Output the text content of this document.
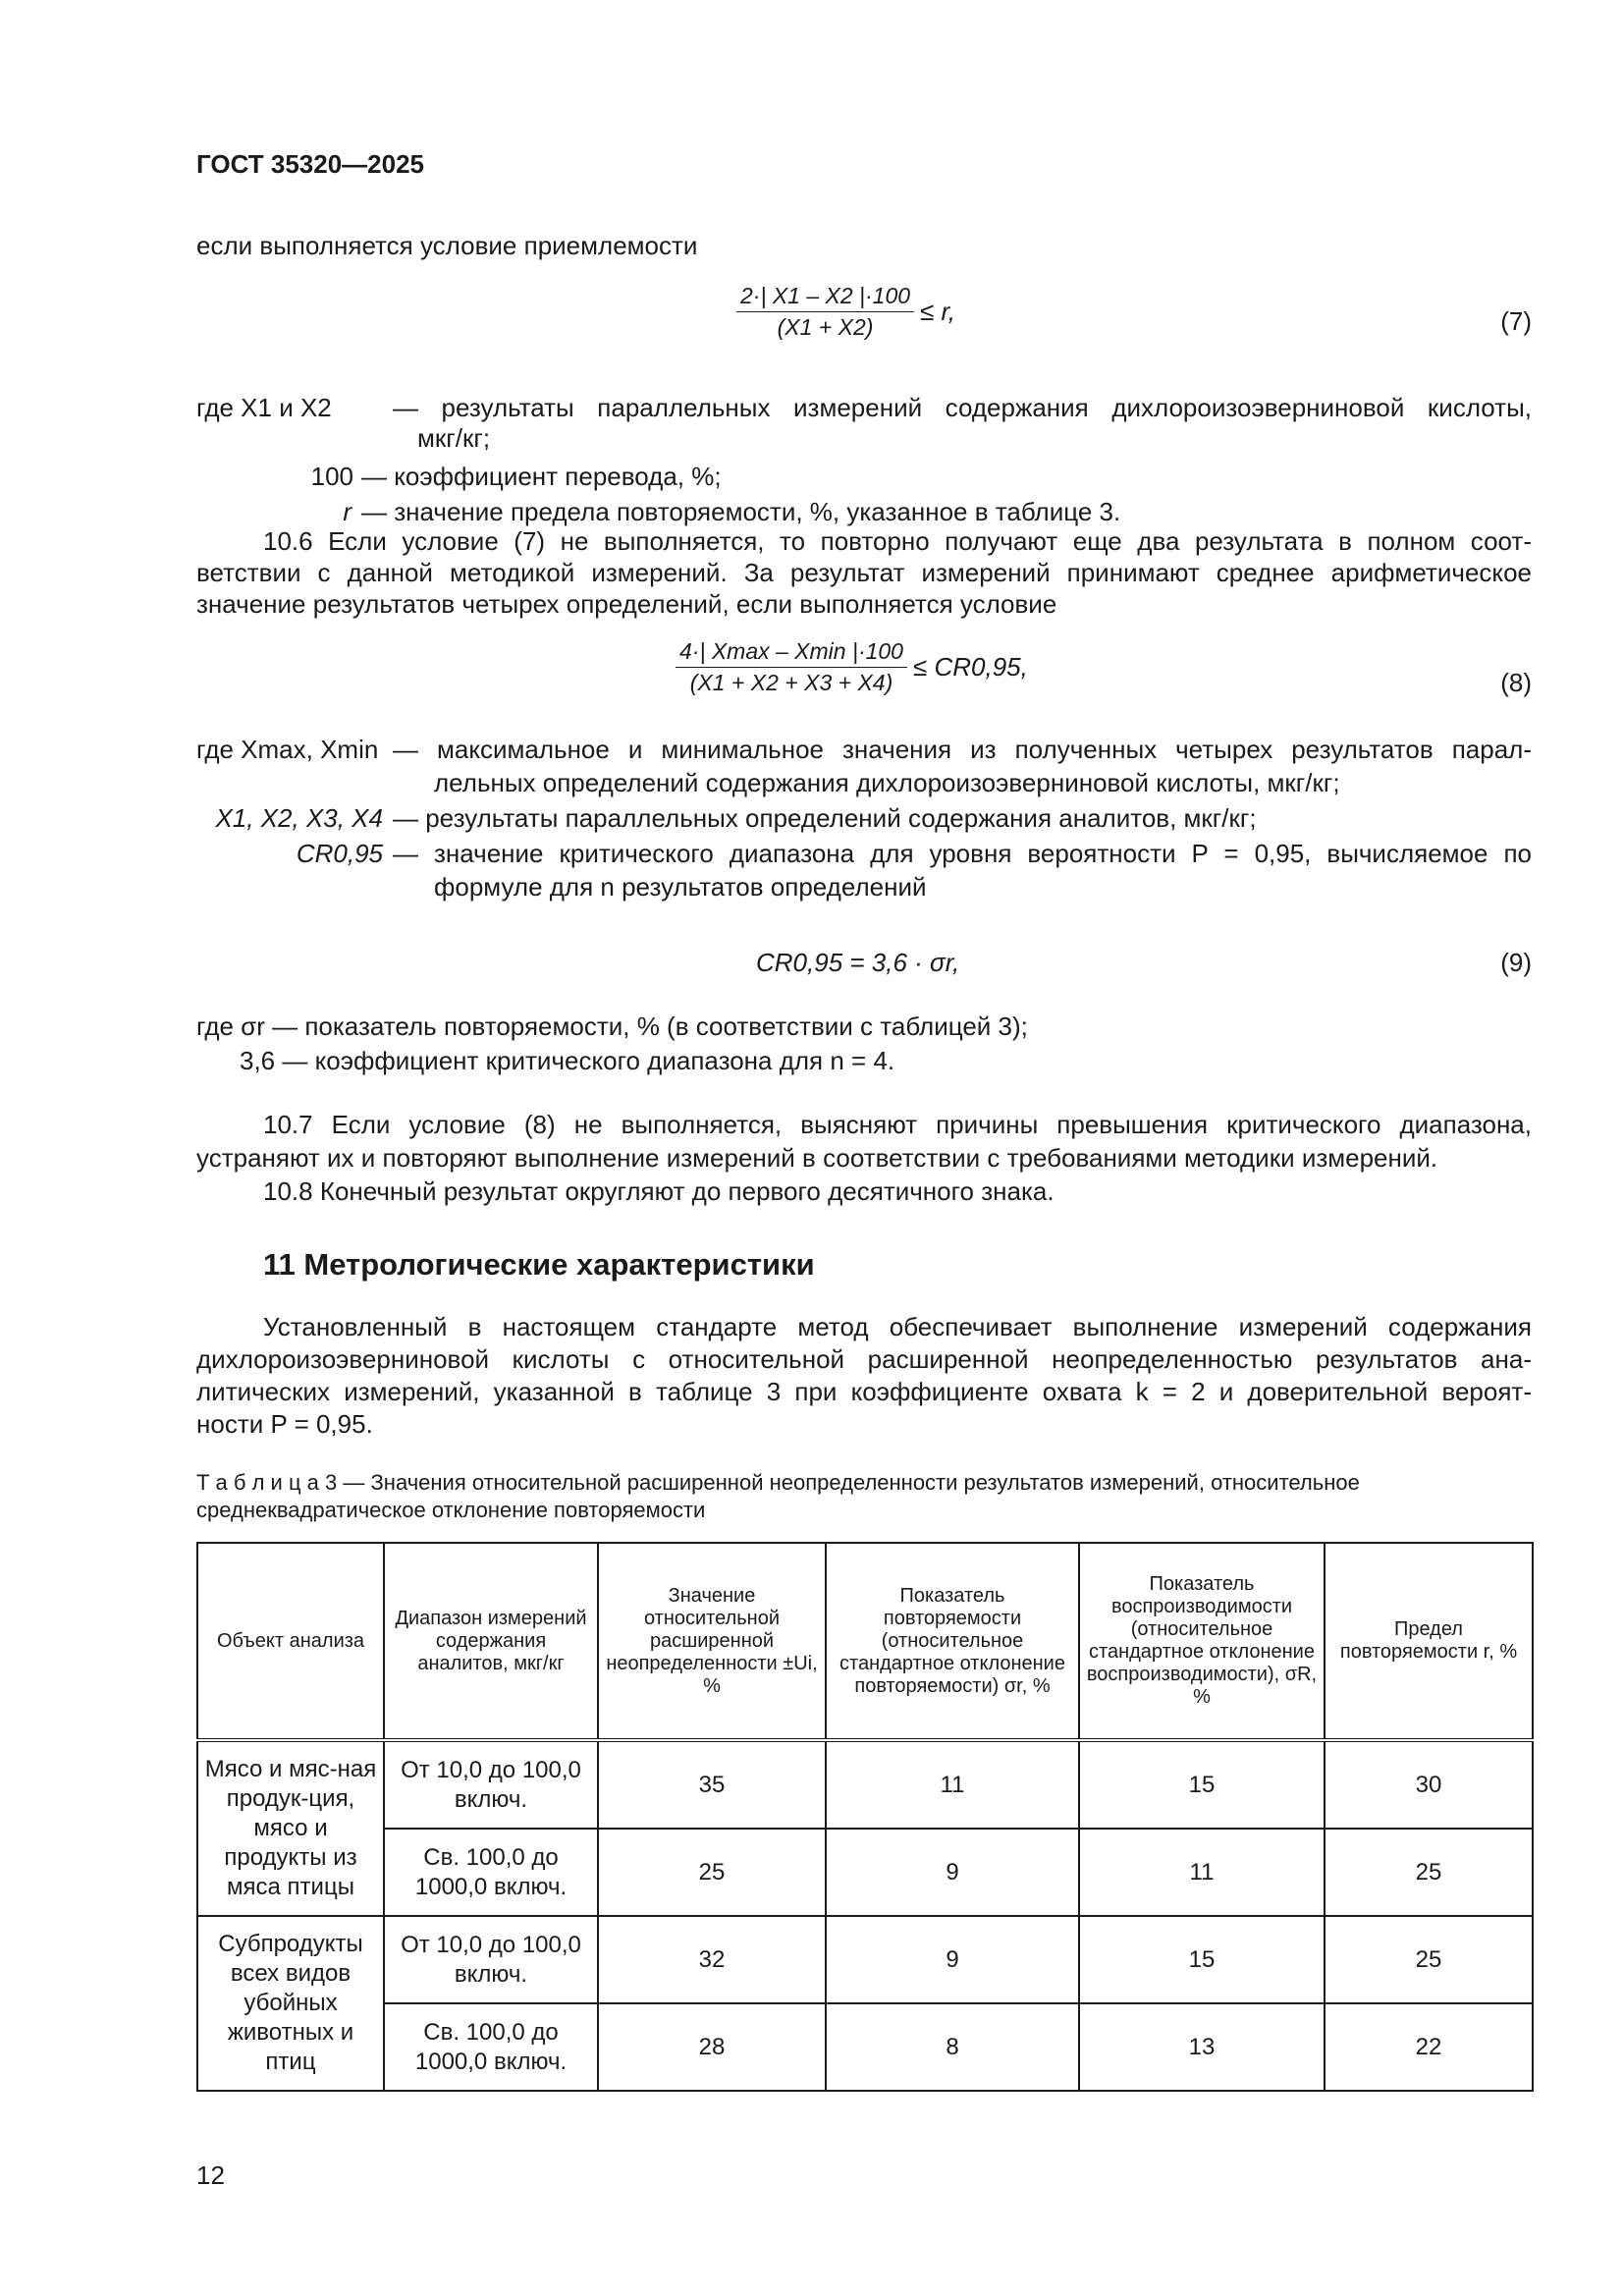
ГОСТ 35320—2025
если выполняется условие приемлемости
$\frac{2\cdot| X1 - X2 |\cdot 100}{(X1 + X2)} \le r$,	(7)
где X1 и X2 — результаты параллельных измерений содержания дихлороизоэверниновой кислоты,
мкг/кг;
100 — коэффициент перевода, %;
r — значение предела повторяемости, %, указанное в таблице 3.
10.6 Если условие (7) не выполняется, то повторно получают еще два результата в полном соот-
ветствии с данной методикой измерений. За результат измерений принимают среднее арифметическое
значение результатов четырех определений, если выполняется условие
$\frac{4\cdot| Xmax - Xmin |\cdot 100}{(X1 + X2 + X3 + X4)} \le CR0,95$,
(8)
где Xmax, Xmin — максимальное и минимальное значения из полученных четырех результатов парал-
лельных определений содержания дихлороизоэверниновой кислоты, мкг/кг;
X1, X2, X3, X4 — результаты параллельных определений содержания аналитов, мкг/кг;
CR0,95 — значение критического диапазона для уровня вероятности P = 0,95, вычисляемое по
формуле для n результатов определений
CR0,95 = 3,6 · σr,	(9)
где σr — показатель повторяемости, % (в соответствии с таблицей 3);
3,6 — коэффициент критического диапазона для n = 4.
10.7 Если условие (8) не выполняется, выясняют причины превышения критического диапазона,
устраняют их и повторяют выполнение измерений в соответствии с требованиями методики измерений.
10.8 Конечный результат округляют до первого десятичного знака.
11 Метрологические характеристики
Установленный в настоящем стандарте метод обеспечивает выполнение измерений содержания
дихлороизоэверниновой кислоты с относительной расширенной неопределенностью результатов ана-
литических измерений, указанной в таблице 3 при коэффициенте охвата k = 2 и доверительной вероят-
ности P = 0,95.
Т а б л и ц а 3 — Значения относительной расширенной неопределенности результатов измерений, относительное
среднеквадратическое отклонение повторяемости
Объект анализа	Диапазон измерений содержания аналитов, мкг/кг	Значение относительной расширенной неопределенности ±Ui, %	Показатель повторяемости (относительное стандартное отклонение повторяемости) σr, %	Показатель воспроизводимости (относительное стандартное отклонение воспроизводимости), σR, %	Предел повторяемости r, %
Мясо и мяс-ная продук-ция, мясо и продукты из мяса птицы	От 10,0 до 100,0 включ.	35	11	15	30
	Св. 100,0 до 1000,0 включ.	25	9	11	25
Субпродукты всех видов убойных животных и птиц	От 10,0 до 100,0 включ.	32	9	15	25
	Св. 100,0 до 1000,0 включ.	28	8	13	22
12
